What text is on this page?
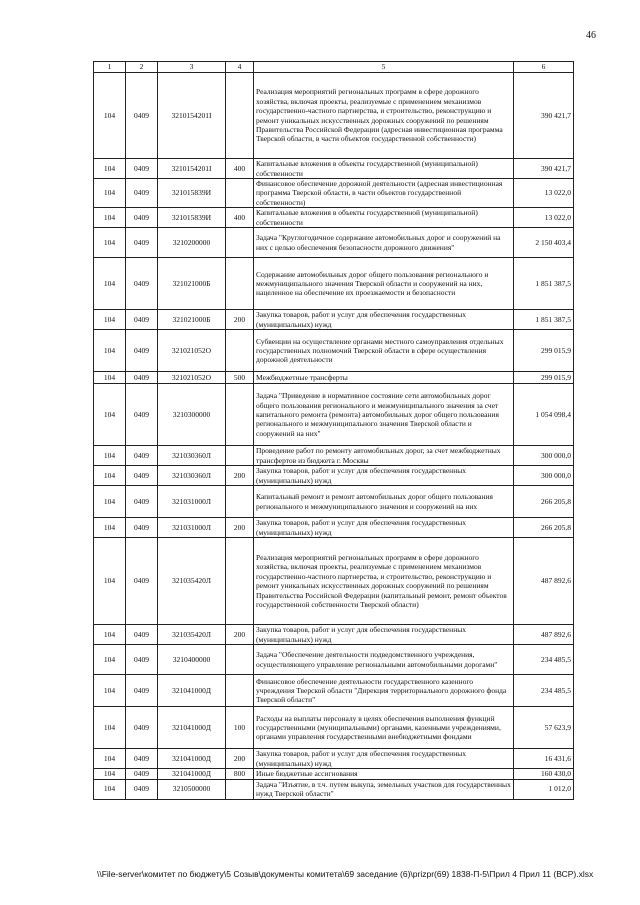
46
1	2	3	4	5	6
104	0409	3210154201I		Реализация мероприятий региональных программ в сфере дорожного хозяйства, включая проекты, реализуемые с применением механизмов государственно-частного партнерства, и строительство, реконструкцию и ремонт уникальных искусственных дорожных сооружений по решениям Правительства Российской Федерации (адресная инвестиционная программа Тверской области, в части объектов государственной собственности)	390 421,7
104	0409	3210154201I	400	Капитальные вложения в объекты государственной (муниципальной) собственности	390 421,7
104	0409	321015839И		Финансовое обеспечение дорожной деятельности (адресная инвестиционная программа Тверской области, в части объектов государственной собственности)	13 022,0
104	0409	321015839И	400	Капитальные вложения в объекты государственной (муниципальной) собственности	13 022,0
104	0409	3210200000		Задача "Круглогодичное содержание автомобильных дорог и сооружений на них с целью обеспечения безопасности дорожного движения"	2 150 403,4
104	0409	321021000Б		Содержание автомобильных дорог общего пользования регионального и межмуниципального значения Тверской области и сооружений на них, нацеленное на обеспечение их проезжаемости и безопасности	1 851 387,5
104	0409	321021000Б	200	Закупка товаров, работ и услуг для обеспечения государственных (муниципальных) нужд	1 851 387,5
104	0409	321021052О		Субвенции на осуществление органами местного самоуправления отдельных государственных полномочий Тверской области в сфере осуществления дорожной деятельности	299 015,9
104	0409	321021052О	500	Межбюджетные трансферты	299 015,9
104	0409	3210300000		Задача "Приведение в нормативное состояние сети автомобильных дорог общего пользования регионального и межмуниципального значения за счет капитального ремонта (ремонта) автомобильных дорог общего пользования регионального и межмуниципального значения Тверской области и сооружений на них"	1 054 098,4
104	0409	321030360Л		Проведение работ по ремонту автомобильных дорог, за счет межбюджетных трансфертов из бюджета г. Москвы	300 000,0
104	0409	321030360Л	200	Закупка товаров, работ и услуг для обеспечения государственных (муниципальных) нужд	300 000,0
104	0409	321031000Л		Капитальный ремонт и ремонт автомобильных дорог общего пользования регионального и межмуниципального значения и сооружений на них	266 205,8
104	0409	321031000Л	200	Закупка товаров, работ и услуг для обеспечения государственных (муниципальных) нужд	266 205,8
104	0409	321035420Л		Реализация мероприятий региональных программ в сфере дорожного хозяйства, включая проекты, реализуемые с применением механизмов государственно-частного партнерства, и строительство, реконструкцию и ремонт уникальных искусственных дорожных сооружений по решениям Правительства Российской Федерации (капитальный ремонт, ремонт объектов государственной собственности Тверской области)	487 892,6
104	0409	321035420Л	200	Закупка товаров, работ и услуг для обеспечения государственных (муниципальных) нужд	487 892,6
104	0409	3210400000		Задача "Обеспечение деятельности подведомственного учреждения, осуществляющего управление региональными автомобильными дорогами"	234 485,5
104	0409	321041000Д		Финансовое обеспечение деятельности государственного казенного учреждения Тверской области "Дирекция территориального дорожного фонда Тверской области"	234 485,5
104	0409	321041000Д	100	Расходы на выплаты персоналу в целях обеспечения выполнения функций государственными (муниципальными) органами, казенными учреждениями, органами управления государственными внебюджетными фондами	57 623,9
104	0409	321041000Д	200	Закупка товаров, работ и услуг для обеспечения государственных (муниципальных) нужд	16 431,6
104	0409	321041000Д	800	Иные бюджетные ассигнования	160 430,0
104	0409	3210500000		Задача "Изъятие, в т.ч. путем выкупа, земельных участков для государственных нужд Тверской области"	1 012,0
\\File-server\комитет по бюджету\5 Созыв\документы комитета\69 заседание (6)\prizpr(69) 1838-П-5\Прил 4 Прил 11 (ВСР).xlsx
